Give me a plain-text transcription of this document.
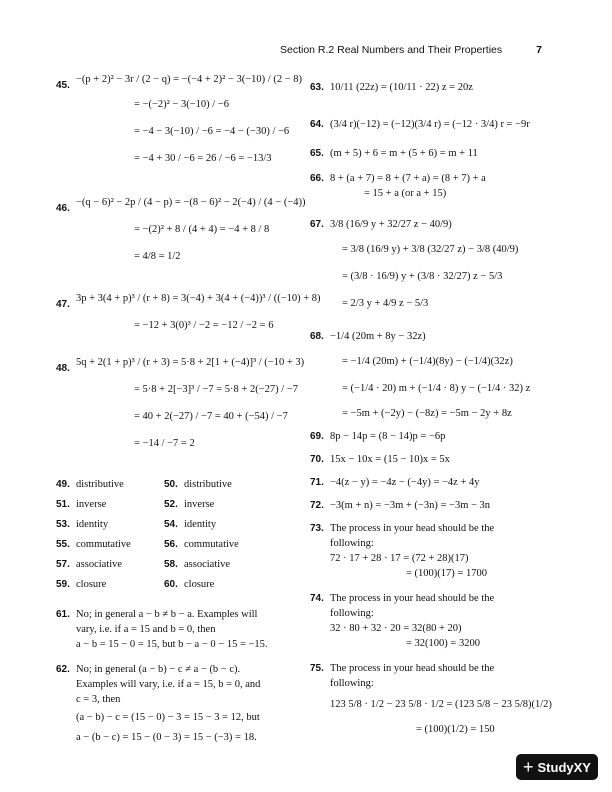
Section R.2 Real Numbers and Their Properties	7
45.
−(p + 2)² − 3r / (2 − q) = −(−4 + 2)² − 3(−10) / (2 − 8)
= −(−2)² − 3(−10) / −6
= −4 − 3(−10) / −6 = −4 − (−30) / −6
= −4 + 30 / −6 = 26 / −6 = −13/3
46.
−(q − 6)² − 2p / (4 − p) = −(8 − 6)² − 2(−4) / (4 − (−4))
= −(2)² + 8 / (4 + 4) = −4 + 8 / 8
= 4/8 = 1/2
47.
3p + 3(4 + p)³ / (r + 8) = 3(−4) + 3(4 + (−4))³ / ((−10) + 8)
= −12 + 3(0)³ / −2 = −12 / −2 = 6
48.
5q + 2(1 + p)³ / (r + 3) = 5·8 + 2[1 + (−4)]³ / (−10 + 3)
= 5·8 + 2[−3]³ / −7 = 5·8 + 2(−27) / −7
= 40 + 2(−27) / −7 = 40 + (−54) / −7
= −14 / −7 = 2
49. distributive	50. distributive
51. inverse	52. inverse
53. identity	54. identity
55. commutative	56. commutative
57. associative	58. associative
59. closure	60. closure
61. No; in general a − b ≠ b − a. Examples will
vary, i.e. if a = 15 and b = 0, then
a − b = 15 − 0 = 15, but b − a − 0 − 15 = −15.
62. No; in general (a − b) − c ≠ a − (b − c).
Examples will vary, i.e. if a = 15, b = 0, and
c = 3, then
(a − b) − c = (15 − 0) − 3 = 15 − 3 = 12, but
a − (b − c) = 15 − (0 − 3) = 15 − (−3) = 18.
63. 10/11 (22z) = (10/11 · 22) z = 20z
64. (3/4 r)(−12) = (−12)(3/4 r) = (−12 · 3/4) r = −9r
65. (m + 5) + 6 = m + (5 + 6) = m + 11
66. 8 + (a + 7) = 8 + (7 + a) = (8 + 7) + a
= 15 + a (or a + 15)
67. 3/8 (16/9 y + 32/27 z − 40/9)
= 3/8 (16/9 y) + 3/8 (32/27 z) − 3/8 (40/9)
= (3/8 · 16/9) y + (3/8 · 32/27) z − 5/3
= 2/3 y + 4/9 z − 5/3
68. −1/4 (20m + 8y − 32z)
= −1/4 (20m) + (−1/4)(8y) − (−1/4)(32z)
= (−1/4 · 20) m + (−1/4 · 8) y − (−1/4 · 32) z
= −5m + (−2y) − (−8z) = −5m − 2y + 8z
69. 8p − 14p = (8 − 14)p = −6p
70. 15x − 10x = (15 − 10)x = 5x
71. −4(z − y) = −4z − (−4y) = −4z + 4y
72. −3(m + n) = −3m + (−3n) = −3m − 3n
73. The process in your head should be the
following:
72 · 17 + 28 · 17 = (72 + 28)(17)
= (100)(17) = 1700
74. The process in your head should be the
following:
32 · 80 + 32 · 20 = 32(80 + 20)
= 32(100) = 3200
75. The process in your head should be the
following:
123 5/8 · 1/2 − 23 5/8 · 1/2 = (123 5/8 − 23 5/8)(1/2)
= (100)(1/2) = 150
+ StudyXY
